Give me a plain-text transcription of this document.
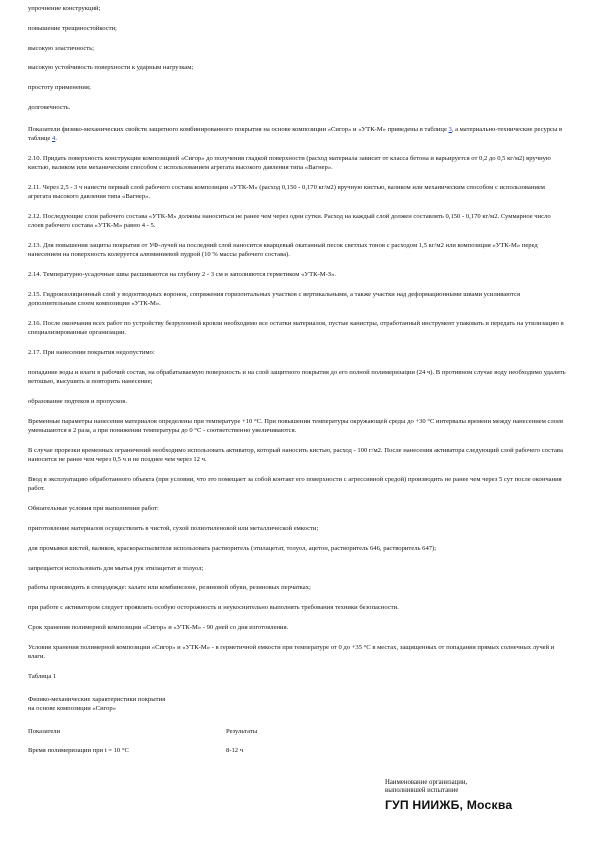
упрочнение конструкций;

повышение трещиностойкости;

высокую эластичность;

высокую устойчивость поверхности к ударным нагрузкам;

простоту применения;

долговечность.

Показатели физико-механических свойств защитного комбинированного покрытия на основе композиции «Сигор» и «УТК-М» приведены в таблице 3, а материально-технические ресурсы в таблице 4.

2.10. Придать поверхность конструкции композицией «Сигор» до получения гладкой поверхности (расход материала зависит от класса бетона и варьируется от 0,2 до 0,5 кг/м2) вручную кистью, валиком или механическим способом с использованием агрегата высокого давления типа «Вагнер».

2.11. Через 2,5 - 3 ч нанести первый слой рабочего состава композиции «УТК-М» (расход 0,150 - 0,170 кг/м2) вручную кистью, валиком или механическим способом с использованием агрегата высокого давления типа «Вагнер».

2.12. Последующие слои рабочего состава «УТК-М» должны наноситься не ранее чем через одни сутки. Расход на каждый слой должен составлять 0,150 - 0,170 кг/м2. Суммарное число слоев рабочего состава «УТК-М» равно 4 - 5.

2.13. Для повышения защиты покрытия от УФ-лучей на последний слой наносится кварцевый окатанный песок светлых тонов с расходом 1,5 кг/м2 или композиция «УТК-М» перед нанесением на поверхность колеруется алюминиевой пудрой (10 % массы рабочего состава).

2.14. Температурно-усадочные швы расшиваются на глубину 2 - 3 см и заполняются герметиком «УТК-М-З».

2.15. Гидроизоляционный слой у водоотводных воронок, сопряжения горизонтальных участков с вертикальными, а также участки над деформационными швами усиливаются дополнительным слоем композиции «УТК-М».

2.16. После окончания всех работ по устройству безрулонной кровли необходимо все остатки материалов, пустые канистры, отработанный инструмент упаковать и передать на утилизацию в специализированные организации.

2.17. При нанесении покрытия недопустимо:

попадание воды и влаги в рабочий состав, на обрабатываемую поверхность и на слой защитного покрытия до его полной полимеризации (24 ч). В противном случае воду необходимо удалить ветошью, высушить и повторить нанесение;

образование подтеков и пропусков.

Временные параметры нанесения материалов определены при температуре +10 °С. При повышении температуры окружающей среды до +30 °С интервалы времени между нанесением слоев уменьшаются в 2 раза, а при понижении температуры до 0 °С - соответственно увеличиваются.

В случае прорезки временных ограничений необходимо использовать активатор, который наносить кистью, расход - 100 г/м2. После нанесения активатора следующий слой рабочего состава наносится не ранее чем через 0,5 ч и не позднее чем через 12 ч.

Ввод в эксплуатацию обработанного объекта (при условии, что это помещает за собой контакт его поверхности с агрессивной средой) производить не ранее чем через 5 сут после окончания работ.

Обязательные условия при выполнении работ:

приготовление материалов осуществлять в чистой, сухой полиэтиленовой или металлической емкости;

для промывки кистей, валиков, краскораспылителя использовать растворитель (этилацетат, толуол, ацетон, растворитель 646, растворитель 647);

запрещается использовать для мытья рук этилацетат и толуол;

работы производить в спецодежде: халате или комбинезоне, резиновой обуви, резиновых перчатках;

при работе с активатором следует проявлять особую осторожность и неукоснительно выполнять требования техники безопасности.

Срок хранения полимерной композиции «Сигор» и «УТК-М» - 90 дней со дня изготовления.

Условия хранения полимерной композиции «Сигор» и «УТК-М» - в герметичной емкости при температуре от 0 до +35 °С в местах, защищенных от попадания прямых солнечных лучей и влаги.

Таблица 1

Физико-механические характеристики покрытия
на основе композиции «Сигор»

Показатели	Результаты
Время полимеризации при t = 10 °С	8-12 ч

Наименование организации,

выполнившей испытание

ГУП НИИЖБ, Москва
